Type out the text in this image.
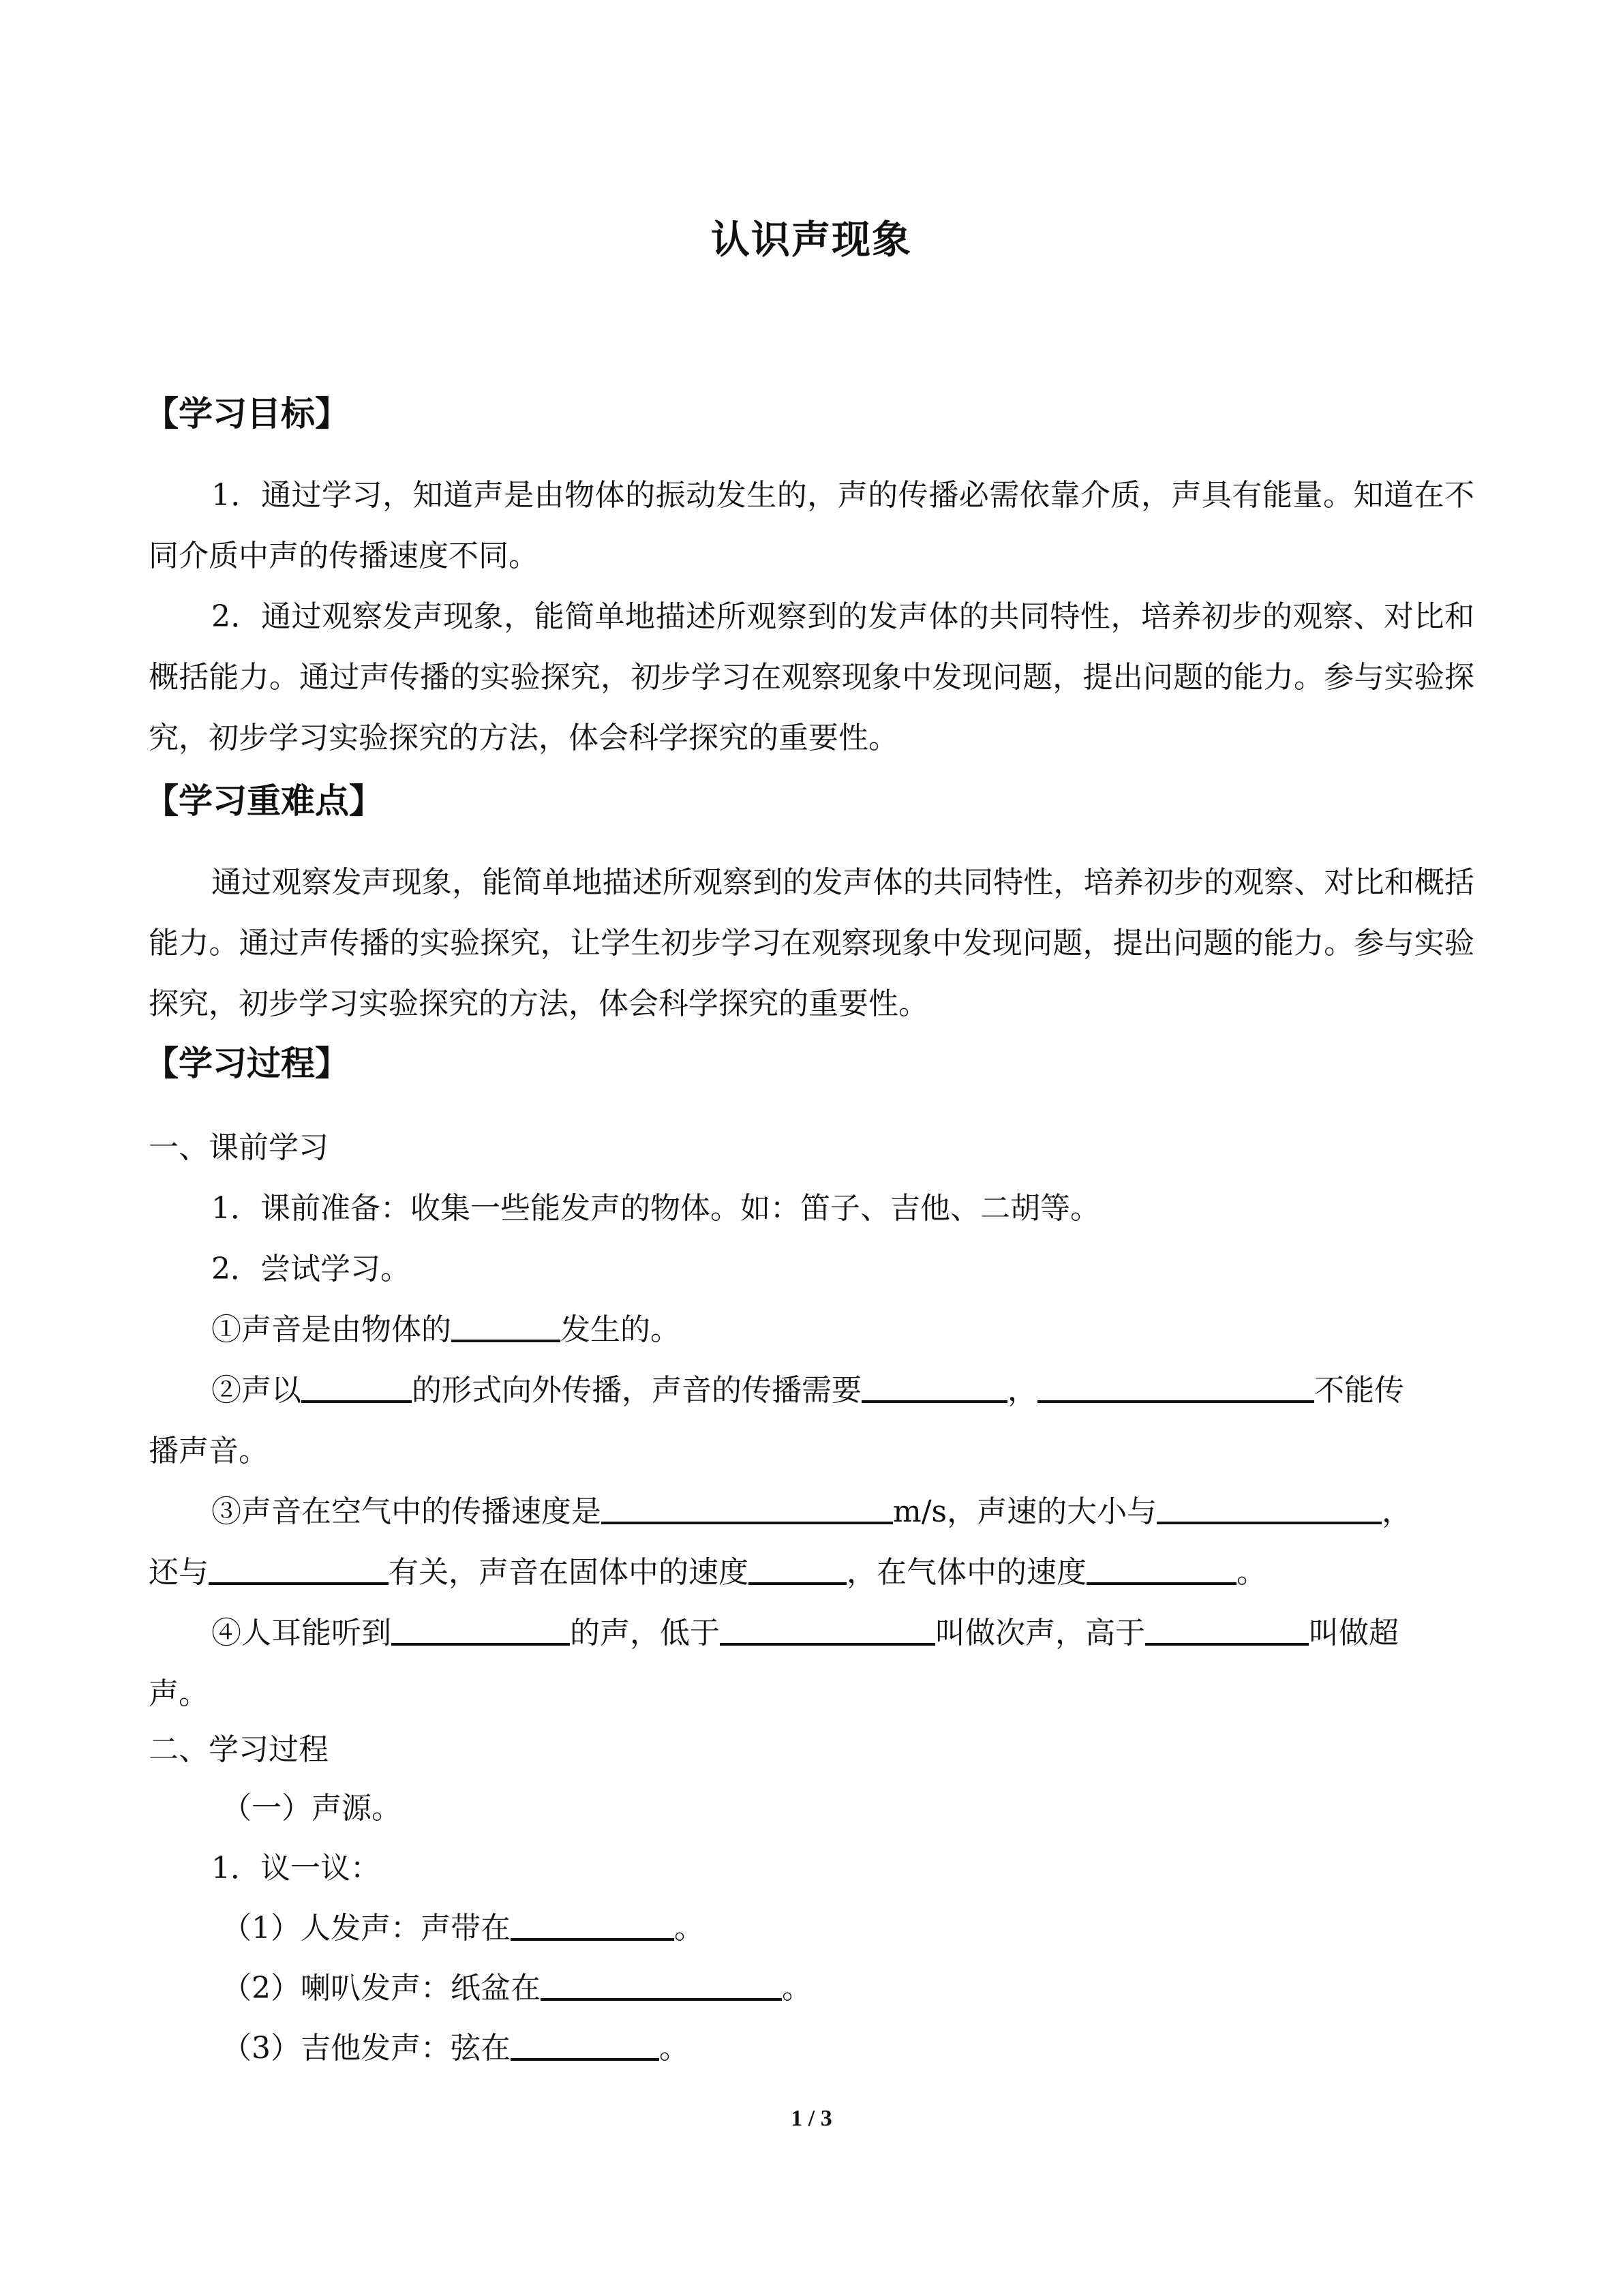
认识声现象
【学习目标】
1．通过学习，知道声是由物体的振动发生的，声的传播必需依靠介质，声具有能量。知道在不同介质中声的传播速度不同。
2．通过观察发声现象，能简单地描述所观察到的发声体的共同特性，培养初步的观察、对比和概括能力。通过声传播的实验探究，初步学习在观察现象中发现问题，提出问题的能力。参与实验探究，初步学习实验探究的方法，体会科学探究的重要性。
【学习重难点】
通过观察发声现象，能简单地描述所观察到的发声体的共同特性，培养初步的观察、对比和概括能力。通过声传播的实验探究，让学生初步学习在观察现象中发现问题，提出问题的能力。参与实验探究，初步学习实验探究的方法，体会科学探究的重要性。
【学习过程】
一、课前学习
1．课前准备：收集一些能发声的物体。如：笛子、吉他、二胡等。
2．尝试学习。
①声音是由物体的	发生的。
②声以	的形式向外传播，声音的传播需要	，	不能传
播声音。
③声音在空气中的传播速度是	m/s，声速的大小与	，
还与	有关，声音在固体中的速度	，在气体中的速度	。
④人耳能听到	的声，低于	叫做次声，高于	叫做超
声。
二、学习过程
（一）声源。
1．议一议：
（1）人发声：声带在	。
（2）喇叭发声：纸盆在	。
（3）吉他发声：弦在	。
1 / 3
